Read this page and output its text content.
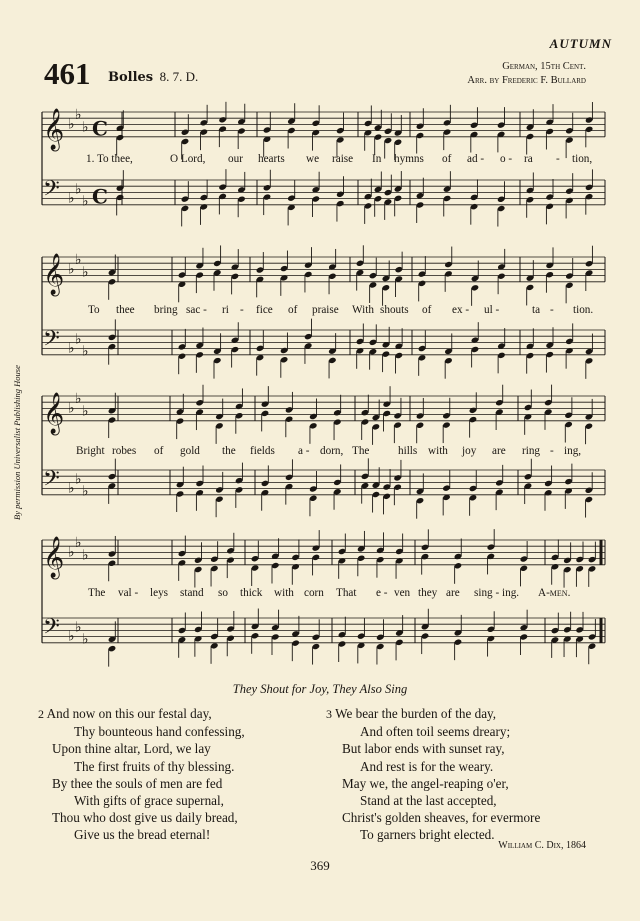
AUTUMN
461 Bolles 8. 7. D.
German, 15th Cent.
Arr. by Frederic F. Bullard
By permission Universalist Publishing House
𝄞 ♭
♭
♭ C
𝄢 ♭
♭
♭ C
𝄞 ♭
♭
♭
𝄢 ♭
♭
♭
𝄞 ♭
♭
♭
𝄢 ♭
♭
♭
𝄞 ♭
♭
♭
𝄢 ♭
♭
♭
1. To thee,	O Lord, our hearts we raise In hymns of ad - o - ra - tion,
To thee bring sac - ri - fice of praise With shouts of ex - ul -	ta - tion.
Bright robes of gold the fields a - dorn, The	hills with joy are ring - ing,
The val - leys stand so thick with corn That e - ven they are sing - ing. A-men.
They Shout for Joy, They Also Sing
2 And now on this our festal day,
Thy bounteous hand confessing,
Upon thine altar, Lord, we lay
The first fruits of thy blessing.
By thee the souls of men are fed
With gifts of grace supernal,
Thou who dost give us daily bread,
Give us the bread eternal!
3 We bear the burden of the day,
And often toil seems dreary;
But labor ends with sunset ray,
And rest is for the weary.
May we, the angel-reaping o'er,
Stand at the last accepted,
Christ's golden sheaves, for evermore
To garners bright elected.
William C. Dix, 1864
369
